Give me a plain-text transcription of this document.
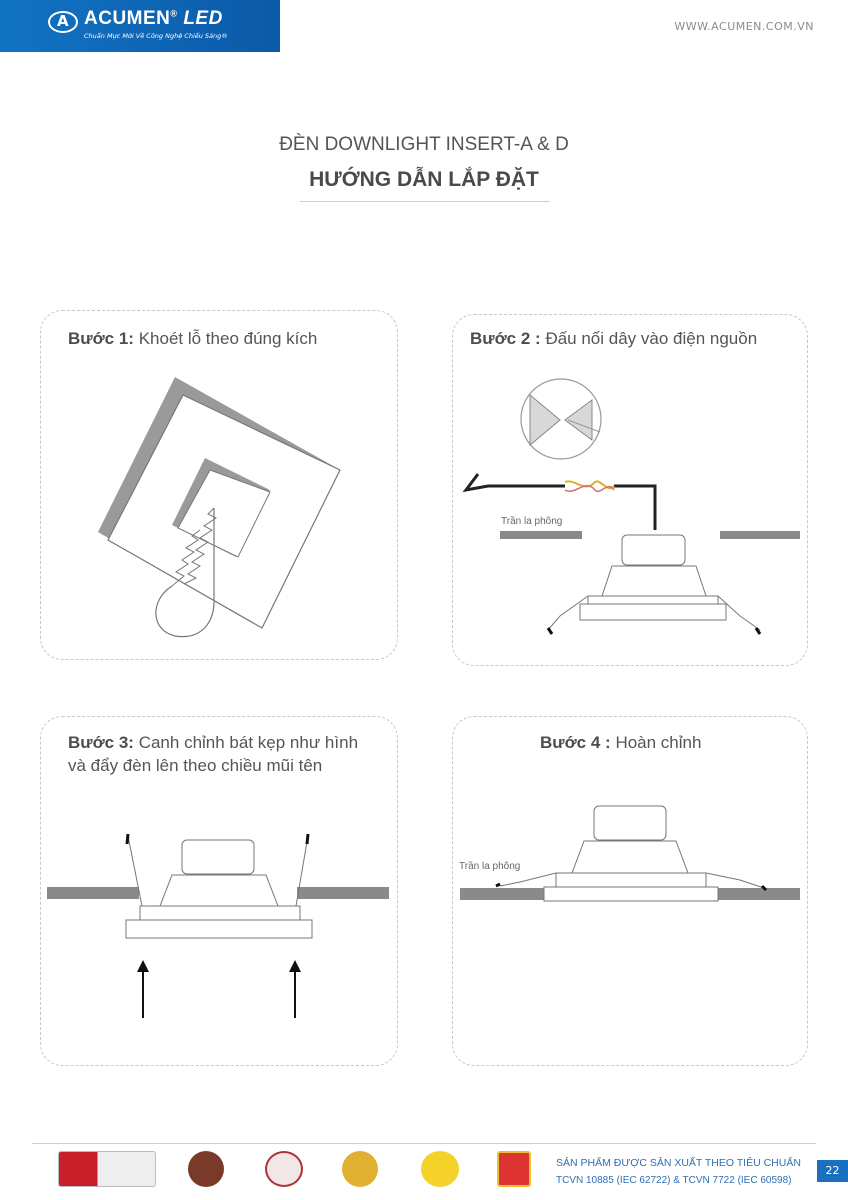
A
ACUMEN® LED
Chuẩn Mực Mới Về Công Nghệ Chiếu Sáng®
WWW.ACUMEN.COM.VN
ĐÈN DOWNLIGHT INSERT-A & D
HƯỚNG DẪN LẮP ĐẶT
Bước 1: Khoét lỗ theo đúng kích	Bước 2 : Đấu nối dây vào điện nguồn
Trần la phông
Bước 3: Canh chỉnh bát kẹp như hình
và đẩy đèn lên theo chiều mũi tên
Bước 4 : Hoàn chỉnh
Trần la phông
SẢN PHẨM ĐƯỢC SẢN XUẤT THEO TIÊU CHUẨN
TCVN 10885 (IEC 62722) & TCVN 7722 (IEC 60598)
22
